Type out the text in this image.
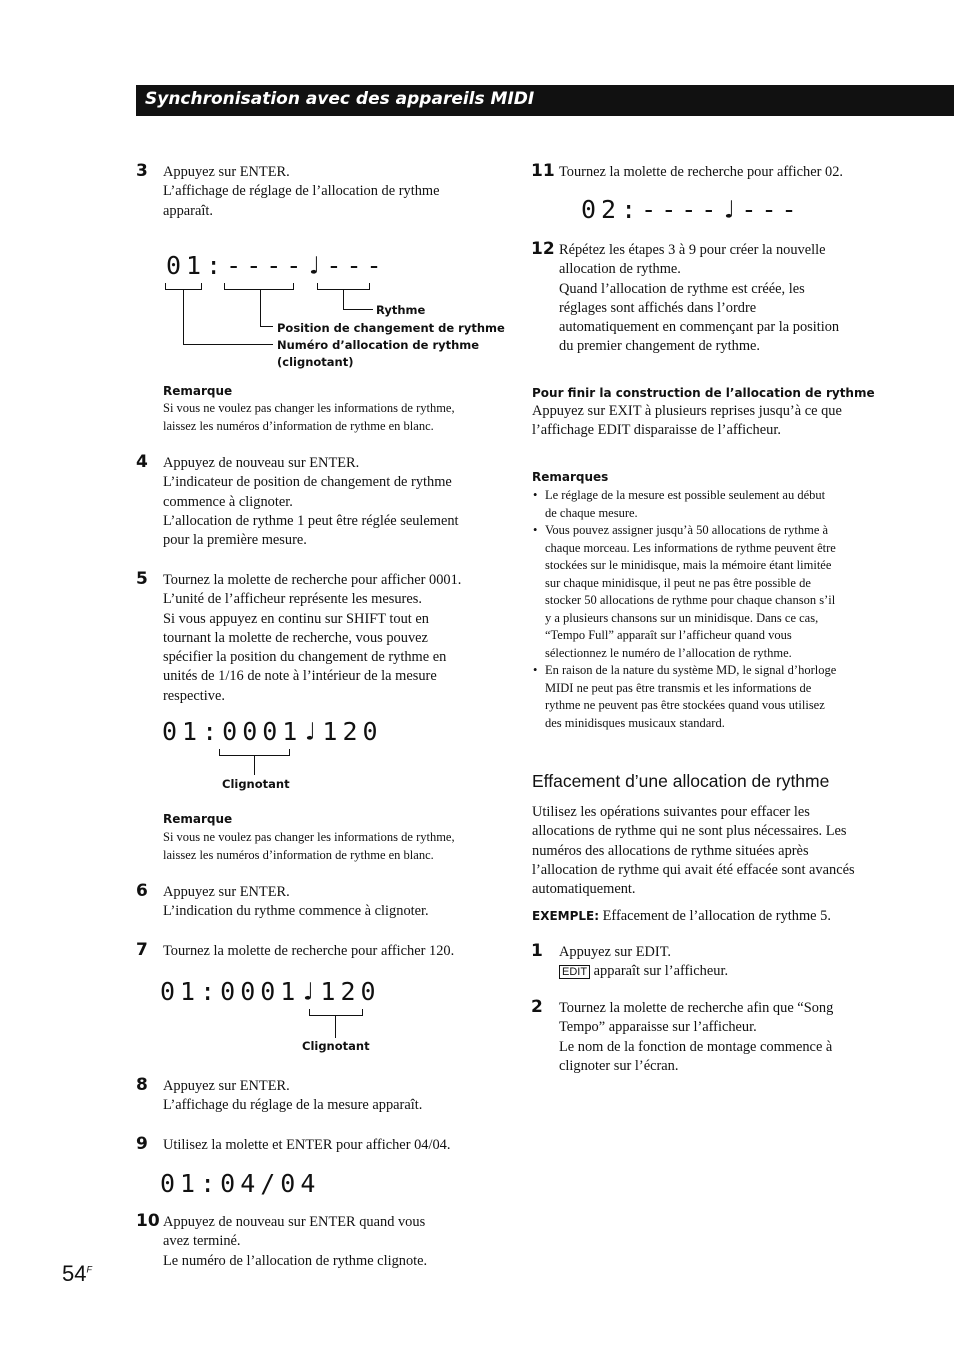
Synchronisation avec des appareils MIDI
3 Appuyez sur ENTER.
L’affichage de réglage de l’allocation de rythme
apparaît.
01:----♩---
Rythme
Position de changement de rythme
Numéro d’allocation de rythme
(clignotant)
Remarque
Si vous ne voulez pas changer les informations de rythme,
laissez les numéros d’information de rythme en blanc.
4 Appuyez de nouveau sur ENTER.
L’indicateur de position de changement de rythme
commence à clignoter.
L’allocation de rythme 1 peut être réglée seulement
pour la première mesure.
5 Tournez la molette de recherche pour afficher 0001.
L’unité de l’afficheur représente les mesures.
Si vous appuyez en continu sur SHIFT tout en
tournant la molette de recherche, vous pouvez
spécifier la position du changement de rythme en
unités de 1/16 de note à l’intérieur de la mesure
respective.
01:0001♩120
Clignotant
Remarque
Si vous ne voulez pas changer les informations de rythme,
laissez les numéros d’information de rythme en blanc.
6 Appuyez sur ENTER.
L’indication du rythme commence à clignoter.
7 Tournez la molette de recherche pour afficher 120.
01:0001♩120
Clignotant
8 Appuyez sur ENTER.
L’affichage du réglage de la mesure apparaît.
9 Utilisez la molette et ENTER pour afficher 04/04.
01:04/04
10 Appuyez de nouveau sur ENTER quand vous
avez terminé.
Le numéro de l’allocation de rythme clignote.
$54^F$
11 Tournez la molette de recherche pour afficher 02.
02:----♩---
12 Répétez les étapes 3 à 9 pour créer la nouvelle
allocation de rythme.
Quand l’allocation de rythme est créée, les
réglages sont affichés dans l’ordre
automatiquement en commençant par la position
du premier changement de rythme.
Pour finir la construction de l’allocation de rythme
Appuyez sur EXIT à plusieurs reprises jusqu’à ce que
l’affichage EDIT disparaisse de l’afficheur.
Remarques
• Le réglage de la mesure est possible seulement au début
de chaque mesure.
• Vous pouvez assigner jusqu’à 50 allocations de rythme à
chaque morceau. Les informations de rythme peuvent être
stockées sur le minidisque, mais la mémoire étant limitée
sur chaque minidisque, il peut ne pas être possible de
stocker 50 allocations de rythme pour chaque chanson s’il
y a plusieurs chansons sur un minidisque. Dans ce cas,
“Tempo Full” apparaît sur l’afficheur quand vous
sélectionnez le numéro de l’allocation de rythme.
• En raison de la nature du système MD, le signal d’horloge
MIDI ne peut pas être transmis et les informations de
rythme ne peuvent pas être stockées quand vous utilisez
des minidisques musicaux standard.
Effacement d’une allocation de rythme
Utilisez les opérations suivantes pour effacer les
allocations de rythme qui ne sont plus nécessaires. Les
numéros des allocations de rythme situées après
l’allocation de rythme qui avait été effacée sont avancés
automatiquement.
EXEMPLE: Effacement de l’allocation de rythme 5.
1 Appuyez sur EDIT.
EDIT apparaît sur l’afficheur.
2 Tournez la molette de recherche afin que “Song
Tempo” apparaisse sur l’afficheur.
Le nom de la fonction de montage commence à
clignoter sur l’écran.
